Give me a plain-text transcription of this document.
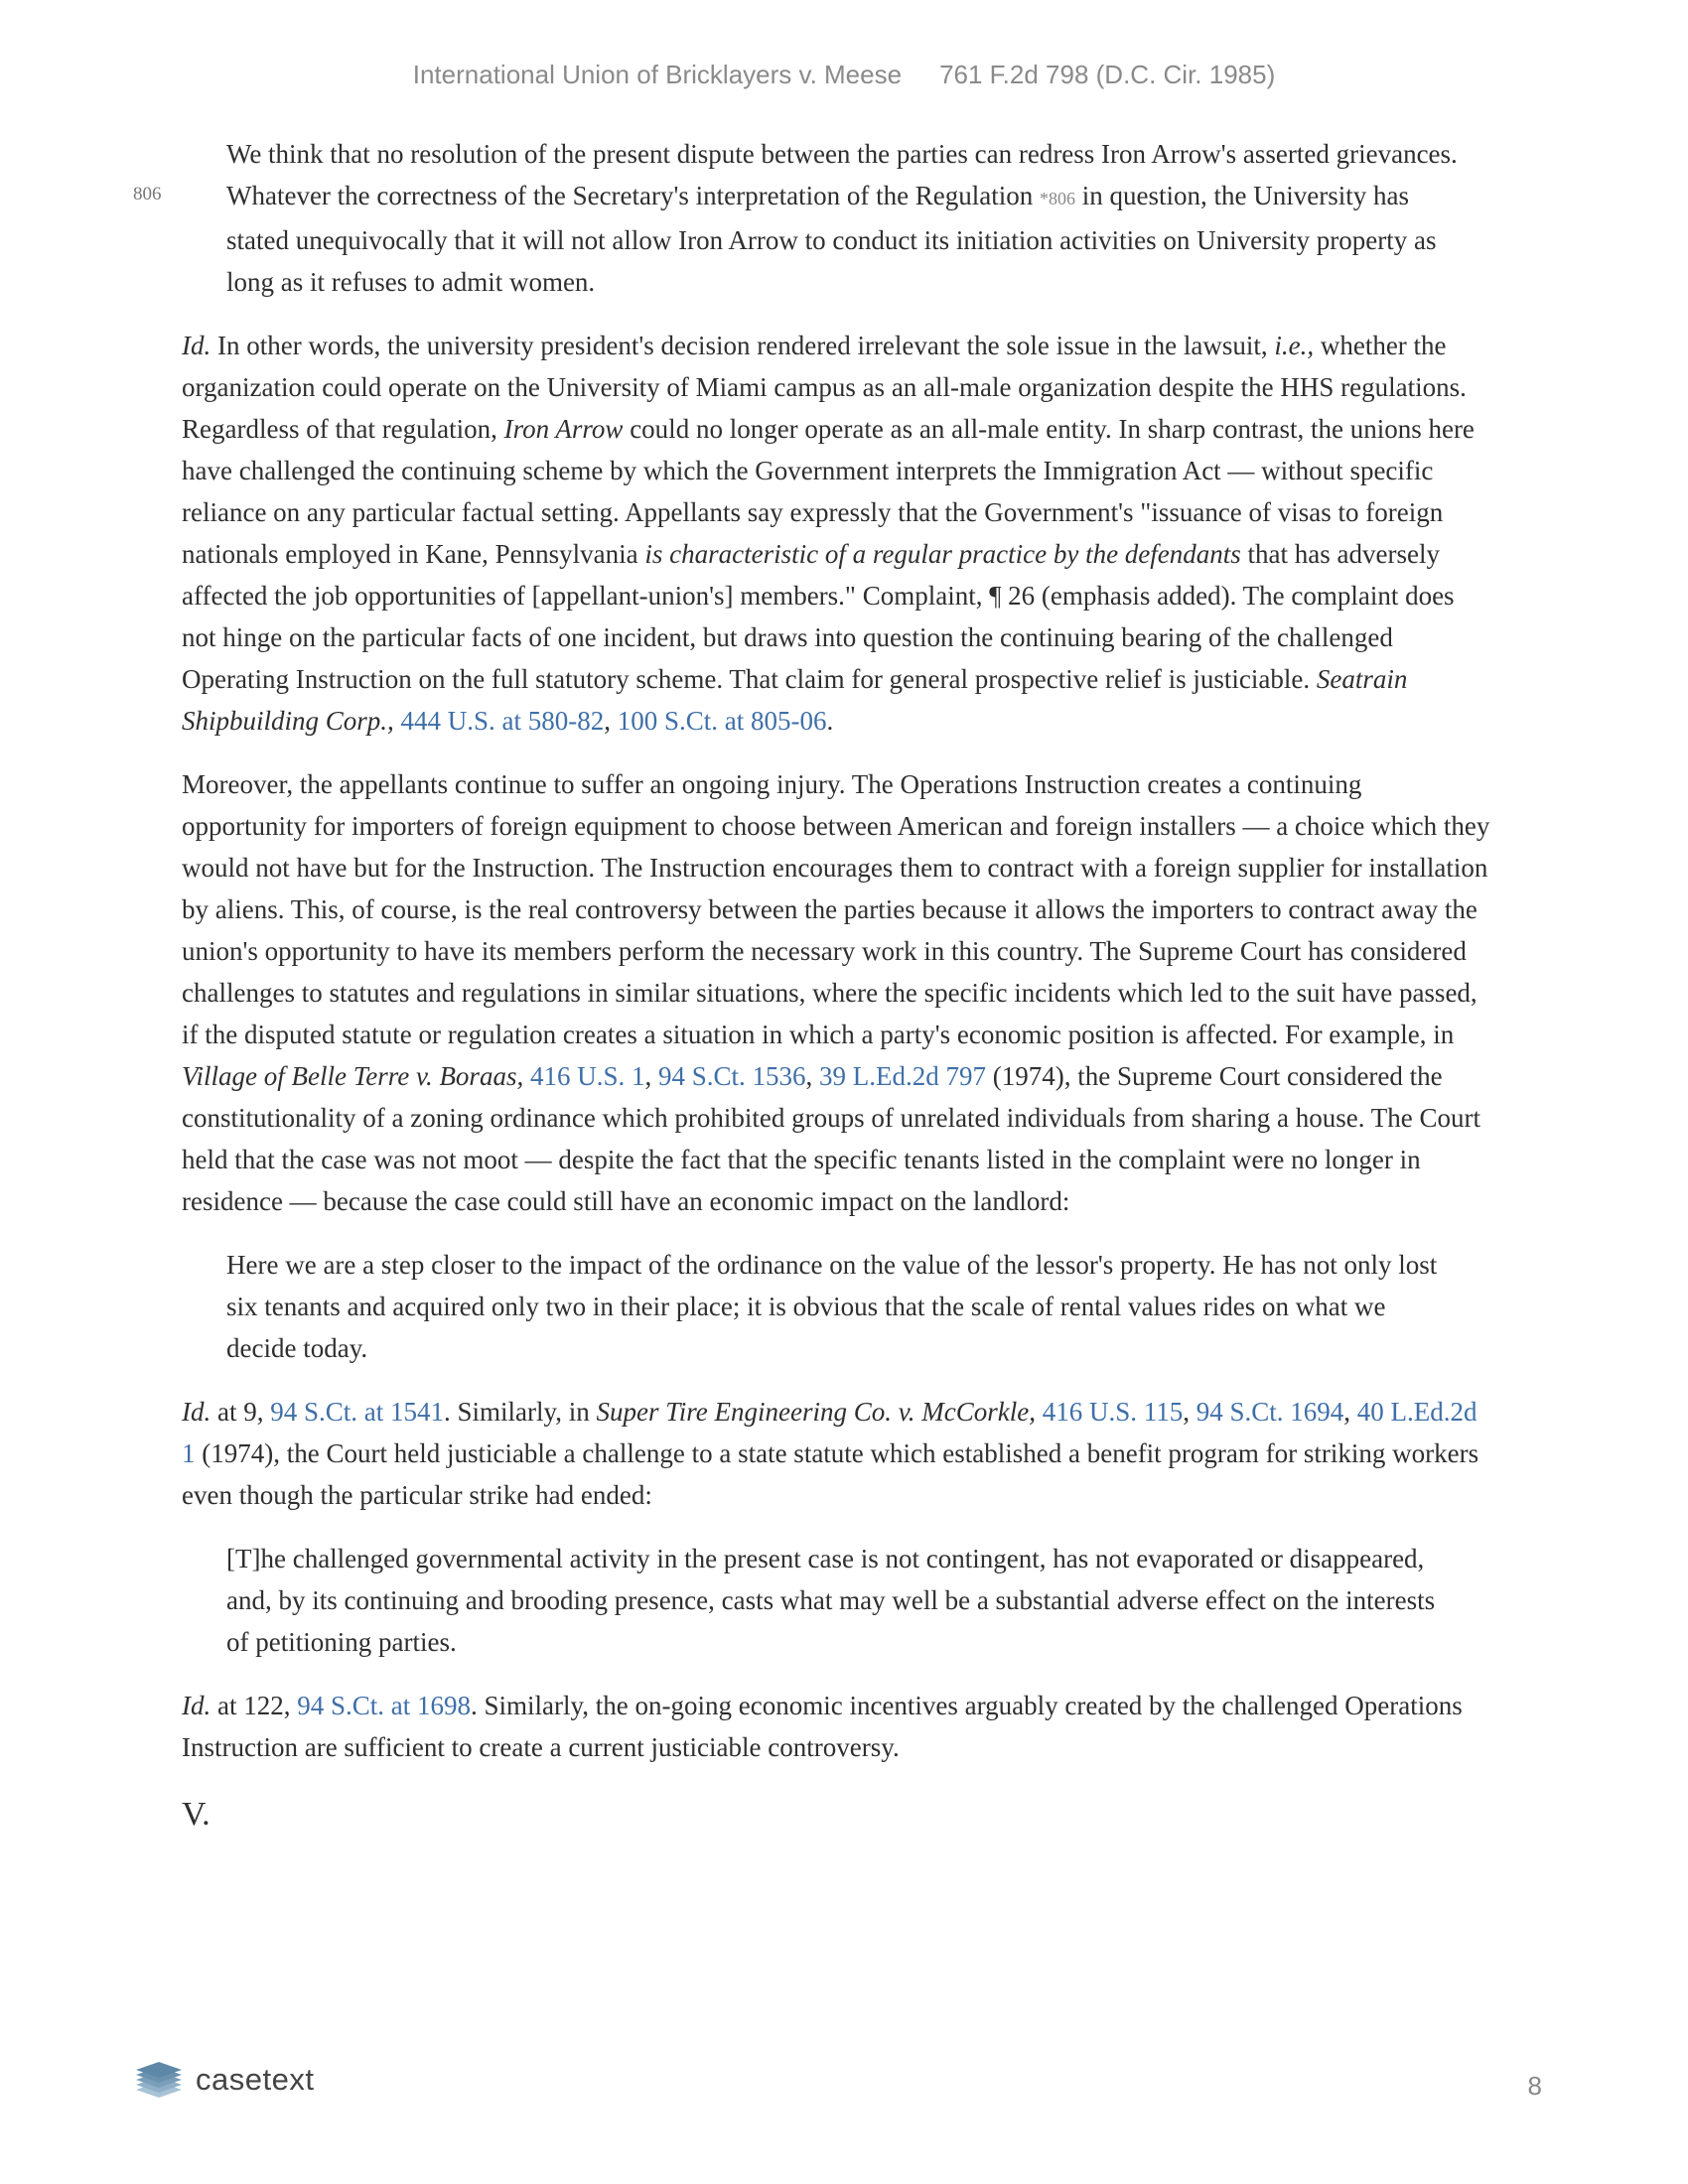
International Union of Bricklayers v. Meese 761 F.2d 798 (D.C. Cir. 1985)
806

We think that no resolution of the present dispute between the parties can redress Iron Arrow's asserted grievances. Whatever the correctness of the Secretary's interpretation of the Regulation *806 in question, the University has stated unequivocally that it will not allow Iron Arrow to conduct its initiation activities on University property as long as it refuses to admit women.

Id. In other words, the university president's decision rendered irrelevant the sole issue in the lawsuit, i.e., whether the organization could operate on the University of Miami campus as an all-male organization despite the HHS regulations. Regardless of that regulation, Iron Arrow could no longer operate as an all-male entity. In sharp contrast, the unions here have challenged the continuing scheme by which the Government interprets the Immigration Act — without specific reliance on any particular factual setting. Appellants say expressly that the Government's "issuance of visas to foreign nationals employed in Kane, Pennsylvania is characteristic of a regular practice by the defendants that has adversely affected the job opportunities of [appellant-union's] members." Complaint, ¶ 26 (emphasis added). The complaint does not hinge on the particular facts of one incident, but draws into question the continuing bearing of the challenged Operating Instruction on the full statutory scheme. That claim for general prospective relief is justiciable. Seatrain Shipbuilding Corp., 444 U.S. at 580-82, 100 S.Ct. at 805-06.

Moreover, the appellants continue to suffer an ongoing injury. The Operations Instruction creates a continuing opportunity for importers of foreign equipment to choose between American and foreign installers — a choice which they would not have but for the Instruction. The Instruction encourages them to contract with a foreign supplier for installation by aliens. This, of course, is the real controversy between the parties because it allows the importers to contract away the union's opportunity to have its members perform the necessary work in this country. The Supreme Court has considered challenges to statutes and regulations in similar situations, where the specific incidents which led to the suit have passed, if the disputed statute or regulation creates a situation in which a party's economic position is affected. For example, in Village of Belle Terre v. Boraas, 416 U.S. 1, 94 S.Ct. 1536, 39 L.Ed.2d 797 (1974), the Supreme Court considered the constitutionality of a zoning ordinance which prohibited groups of unrelated individuals from sharing a house. The Court held that the case was not moot — despite the fact that the specific tenants listed in the complaint were no longer in residence — because the case could still have an economic impact on the landlord:

Here we are a step closer to the impact of the ordinance on the value of the lessor's property. He has not only lost six tenants and acquired only two in their place; it is obvious that the scale of rental values rides on what we decide today.

Id. at 9, 94 S.Ct. at 1541. Similarly, in Super Tire Engineering Co. v. McCorkle, 416 U.S. 115, 94 S.Ct. 1694, 40 L.Ed.2d 1 (1974), the Court held justiciable a challenge to a state statute which established a benefit program for striking workers even though the particular strike had ended:

[T]he challenged governmental activity in the present case is not contingent, has not evaporated or disappeared, and, by its continuing and brooding presence, casts what may well be a substantial adverse effect on the interests of petitioning parties.

Id. at 122, 94 S.Ct. at 1698. Similarly, the on-going economic incentives arguably created by the challenged Operations Instruction are sufficient to create a current justiciable controversy.

V.
casetext	8
